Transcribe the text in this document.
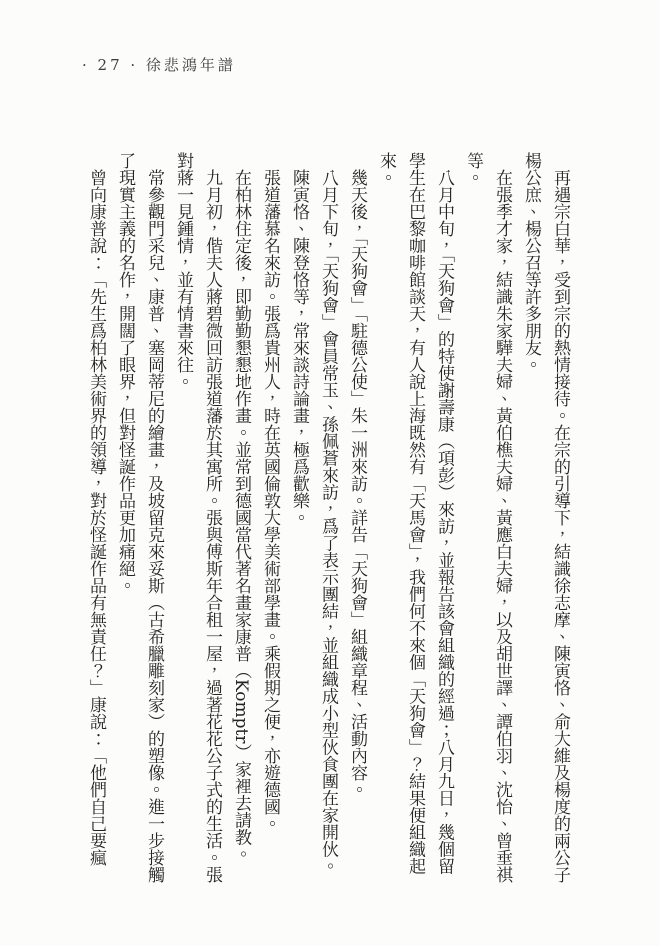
· 27 · 徐悲鴻年譜

再遇宗白華，受到宗的熱情接待。在宗的引導下，結識徐志摩、陳寅恪、俞大維及楊度的兩公子楊公庶、楊公召等許多朋友。

在張季才家，結識朱家驊夫婦、黃伯樵夫婦、黃應白夫婦，以及胡世譯、譚伯羽、沈怡、曾垂祺等。

八月中旬，「天狗會」的特使謝壽康（項彭）來訪，並報告該會組織的經過；八月九日，幾個留學生在巴黎咖啡館談天，有人說上海既然有「天馬會」，我們何不來個「天狗會」？結果便組織起來。

幾天後，「天狗會」「駐德公使」朱一洲來訪。詳告「天狗會」組織章程、活動內容。

八月下旬，「天狗會」會員常玉、孫佩蒼來訪，爲了表示團結，並組織成小型伙食團在家開伙。

陳寅恪、陳登恪等，常來談詩論畫，極爲歡樂。

張道藩慕名來訪。張爲貴州人，時在英國倫敦大學美術部學畫。乘假期之便，亦遊德國。

在柏林住定後，即勤勤懇懇地作畫。並常到德國當代著名畫家康普（Komptr）家裡去請教。

九月初，偕夫人蔣碧微回訪張道藩於其寓所。張與傅斯年合租一屋，過著花花公子式的生活。張對蔣一見鍾情，並有情書來往。

常參觀門采兒、康普、塞岡蒂尼的繪畫，及坡留克來妥斯（古希臘雕刻家）的塑像。進一步接觸了現實主義的名作，開闊了眼界，但對怪誕作品更加痛絕。

曾向康普說：「先生爲柏林美術界的領導，對於怪誕作品有無責任？」康說：「他們自己要瘋
